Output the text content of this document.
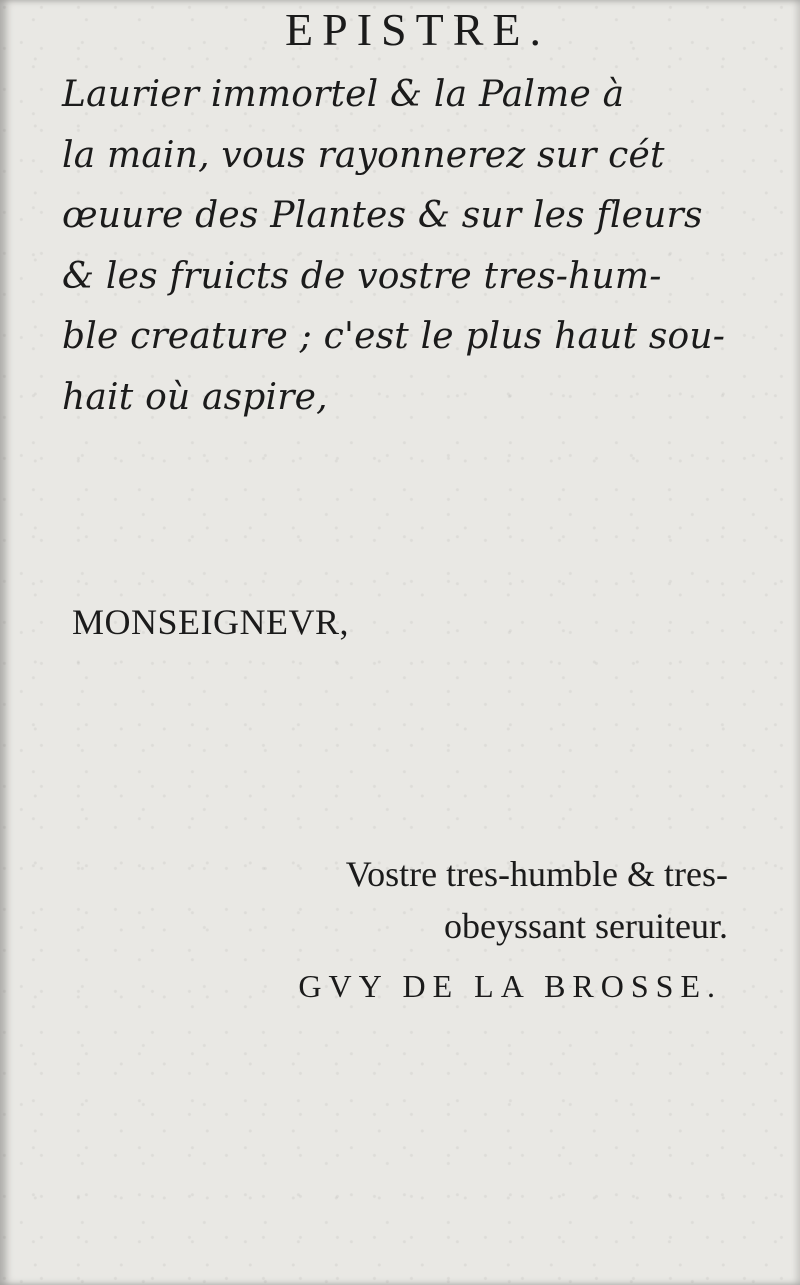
EPISTRE.
Laurier immortel & la Palme à
la main, vous rayonnerez sur cét
œuure des Plantes & sur les fleurs
& les fruicts de vostre tres-hum-
ble creature ; c'est le plus haut sou-
hait où aspire,
MONSEIGNEVR,
Vostre tres-humble & tres-
obeyssant seruiteur.
GVY DE LA BROSSE.
